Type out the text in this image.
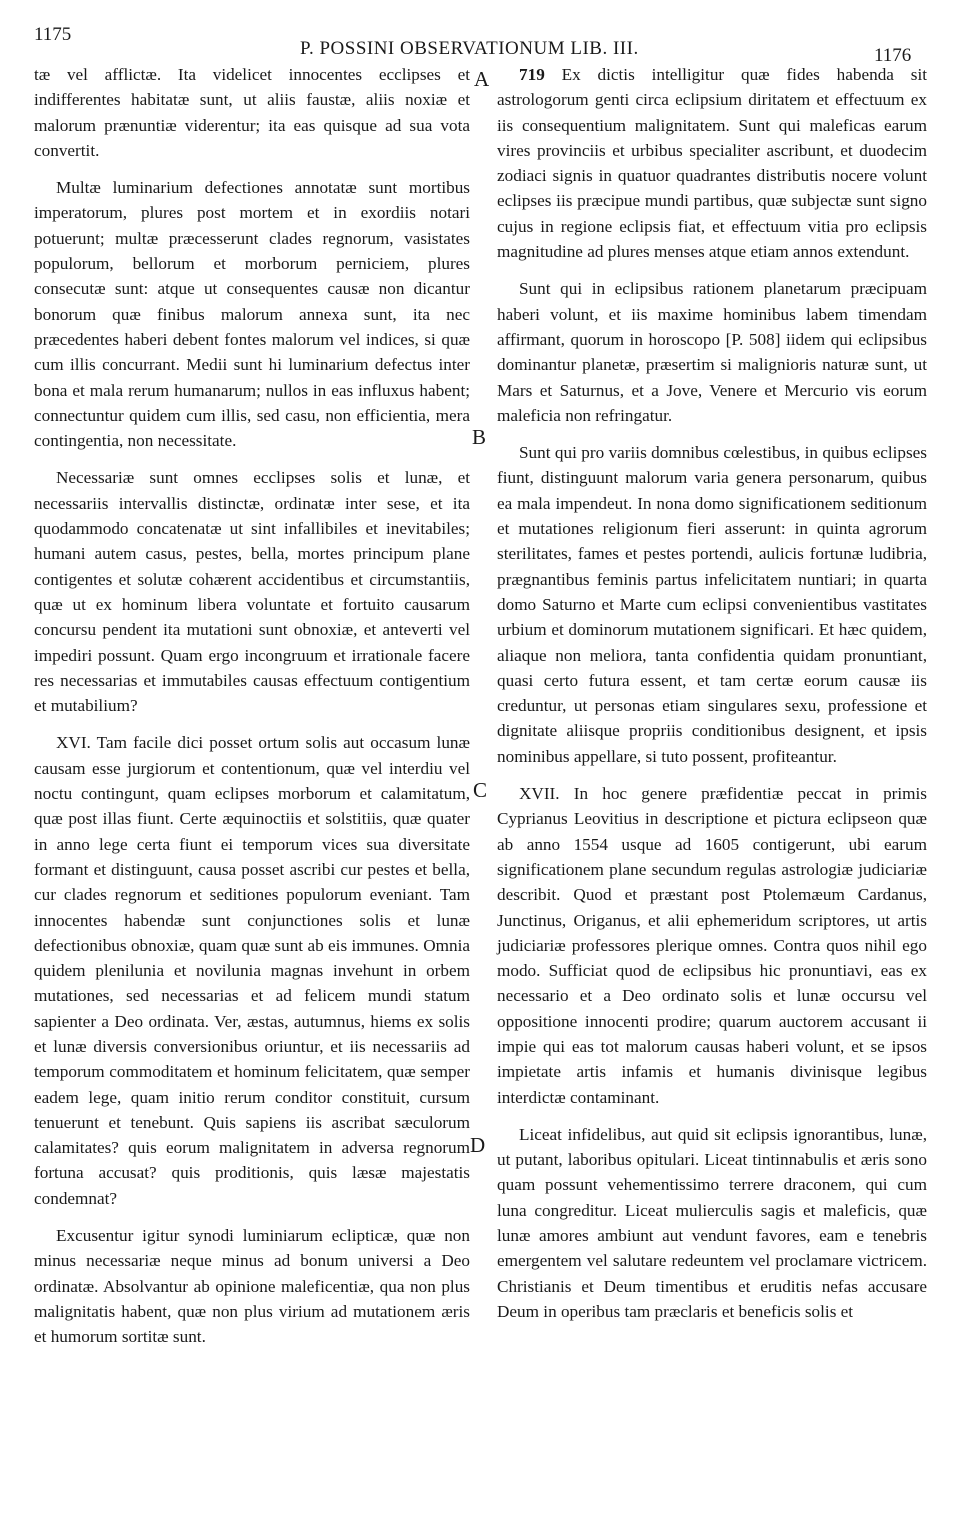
1175
P. POSSINI OBSERVATIONUM LIB. III.	1176
A
B
C
D

tæ vel afflictæ. Ita videlicet innocentes ecclipses et indifferentes habitatæ sunt, ut aliis faustæ, aliis noxiæ et malorum prænuntiæ viderentur; ita eas quisque ad sua vota convertit.

Multæ luminarium defectiones annotatæ sunt mortibus imperatorum, plures post mortem et in exordiis notari potuerunt; multæ præcesserunt clades regnorum, vasistates populorum, bellorum et morborum perniciem, plures consecutæ sunt: atque ut consequentes causæ non dicantur bonorum quæ finibus malorum annexa sunt, ita nec præcedentes haberi debent fontes malorum vel indices, si quæ cum illis concurrant. Medii sunt hi luminarium defectus inter bona et mala rerum humanarum; nullos in eas influxus habent; connectuntur quidem cum illis, sed casu, non efficientia, mera contingentia, non necessitate.

Necessariæ sunt omnes ecclipses solis et lunæ, et necessariis intervallis distinctæ, ordinatæ inter sese, et ita quodammodo concatenatæ ut sint infallibiles et inevitabiles; humani autem casus, pestes, bella, mortes principum plane contigentes et solutæ cohærent accidentibus et circumstantiis, quæ ut ex hominum libera voluntate et fortuito causarum concursu pendent ita mutationi sunt obnoxiæ, et anteverti vel impediri possunt. Quam ergo incongruum et irrationale facere res necessarias et immutabiles causas effectuum contigentium et mutabilium?

XVI. Tam facile dici posset ortum solis aut occasum lunæ causam esse jurgiorum et contentionum, quæ vel interdiu vel noctu contingunt, quam eclipses morborum et calamitatum, quæ post illas fiunt. Certe æquinoctiis et solstitiis, quæ quater in anno lege certa fiunt ei temporum vices sua diversitate formant et distinguunt, causa posset ascribi cur pestes et bella, cur clades regnorum et seditiones populorum eveniant. Tam innocentes habendæ sunt conjunctiones solis et lunæ defectionibus obnoxiæ, quam quæ sunt ab eis immunes. Omnia quidem plenilunia et novilunia magnas invehunt in orbem mutationes, sed necessarias et ad felicem mundi statum sapienter a Deo ordinata. Ver, æstas, autumnus, hiems ex solis et lunæ diversis conversionibus oriuntur, et iis necessariis ad temporum commoditatem et hominum felicitatem, quæ semper eadem lege, quam initio rerum conditor constituit, cursum tenuerunt et tenebunt. Quis sapiens iis ascribat sæculorum calamitates? quis eorum malignitatem in adversa regnorum fortuna accusat? quis proditionis, quis læsæ majestatis condemnat?

Excusentur igitur synodi luminiarum eclipticæ, quæ non minus necessariæ neque minus ad bonum universi a Deo ordinatæ. Absolvantur ab opinione maleficentiæ, qua non plus malignitatis habent, quæ non plus virium ad mutationem æris et humorum sortitæ sunt.

719 Ex dictis intelligitur quæ fides habenda sit astrologorum genti circa eclipsium diritatem et effectuum ex iis consequentium malignitatem. Sunt qui maleficas earum vires provinciis et urbibus specialiter ascribunt, et duodecim zodiaci signis in quatuor quadrantes distributis nocere volunt eclipses iis præcipue mundi partibus, quæ subjectæ sunt signo cujus in regione eclipsis fiat, et effectuum vitia pro eclipsis magnitudine ad plures menses atque etiam annos extendunt.

Sunt qui in eclipsibus rationem planetarum præcipuam haberi volunt, et iis maxime hominibus labem timendam affirmant, quorum in horoscopo [P. 508] iidem qui eclipsibus dominantur planetæ, præsertim si malignioris naturæ sunt, ut Mars et Saturnus, et a Jove, Venere et Mercurio vis eorum maleficia non refringatur.

Sunt qui pro variis domnibus cœlestibus, in quibus eclipses fiunt, distinguunt malorum varia genera personarum, quibus ea mala impendeut. In nona domo significationem seditionum et mutationes religionum fieri asserunt: in quinta agrorum sterilitates, fames et pestes portendi, aulicis fortunæ ludibria, prægnantibus feminis partus infelicitatem nuntiari; in quarta domo Saturno et Marte cum eclipsi convenientibus vastitates urbium et dominorum mutationem significari. Et hæc quidem, aliaque non meliora, tanta confidentia quidam pronuntiant, quasi certo futura essent, et tam certæ eorum causæ iis creduntur, ut personas etiam singulares sexu, professione et dignitate aliisque propriis conditionibus designent, et ipsis nominibus appellare, si tuto possent, profiteantur.

XVII. In hoc genere præfidentiæ peccat in primis Cyprianus Leovitius in descriptione et pictura eclipseon quæ ab anno 1554 usque ad 1605 contigerunt, ubi earum significationem plane secundum regulas astrologiæ judiciariæ describit. Quod et præstant post Ptolemæum Cardanus, Junctinus, Origanus, et alii ephemeridum scriptores, ut artis judiciariæ professores plerique omnes. Contra quos nihil ego modo. Sufficiat quod de eclipsibus hic pronuntiavi, eas ex necessario et a Deo ordinato solis et lunæ occursu vel oppositione innocenti prodire; quarum auctorem accusant ii impie qui eas tot malorum causas haberi volunt, et se ipsos impietate artis infamis et humanis divinisque legibus interdictæ contaminant.

Liceat infidelibus, aut quid sit eclipsis ignorantibus, lunæ, ut putant, laboribus opitulari. Liceat tintinnabulis et æris sono quam possunt vehementissimo terrere draconem, qui cum luna congreditur. Liceat mulierculis sagis et maleficis, quæ lunæ amores ambiunt aut vendunt favores, eam e tenebris emergentem vel salutare redeuntem vel proclamare victricem. Christianis et Deum timentibus et eruditis nefas accusare Deum in operibus tam præclaris et beneficis solis et
